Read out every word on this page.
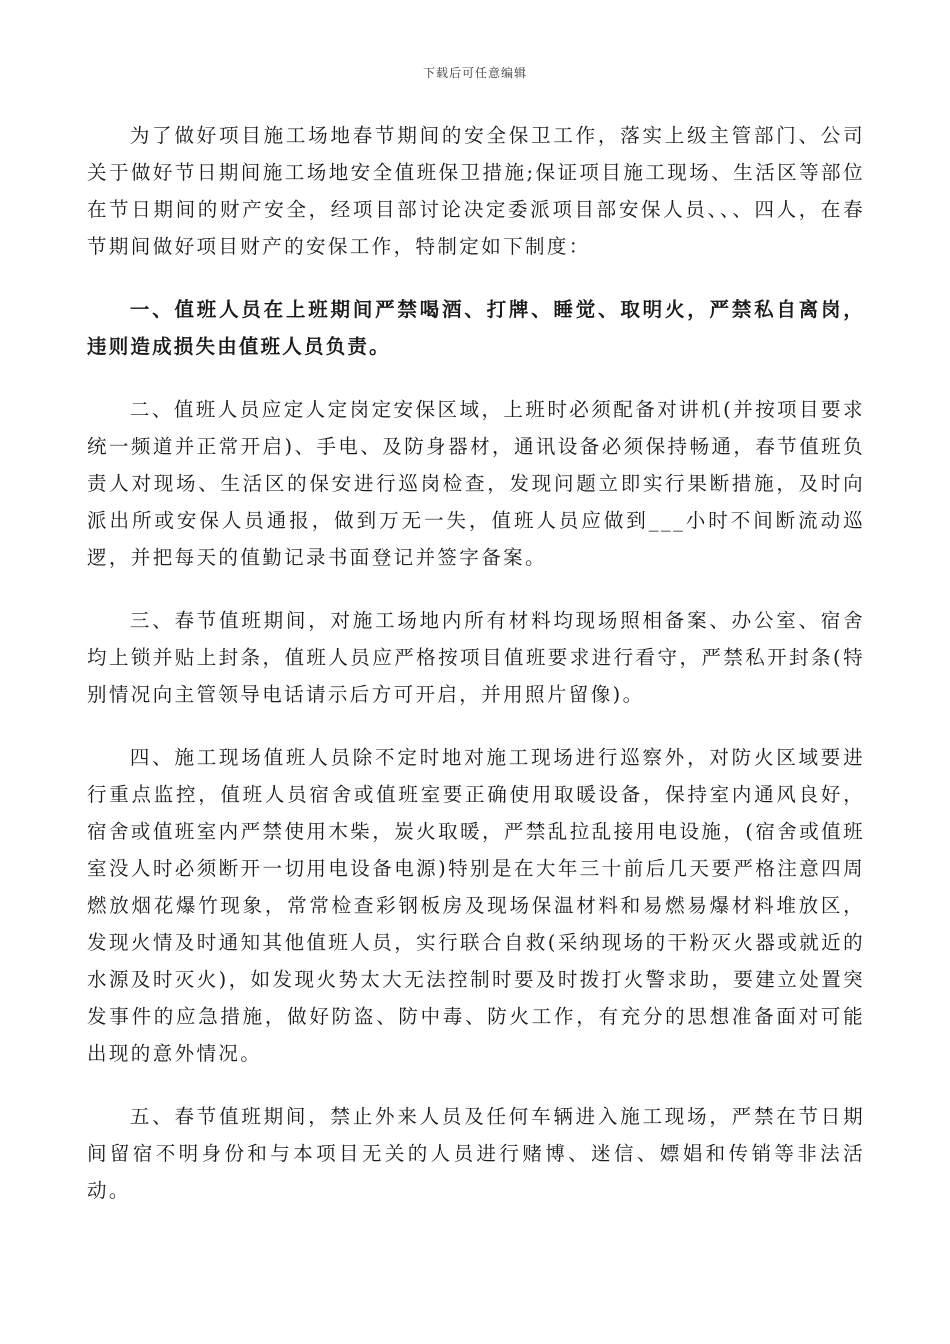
下载后可任意编辑

为了做好项目施工场地春节期间的安全保卫工作，落实上级主管部门、公司关于做好节日期间施工场地安全值班保卫措施;保证项目施工现场、生活区等部位在节日期间的财产安全，经项目部讨论决定委派项目部安保人员、、、四人，在春节期间做好项目财产的安保工作，特制定如下制度：

一、值班人员在上班期间严禁喝酒、打牌、睡觉、取明火，严禁私自离岗，违则造成损失由值班人员负责。

二、值班人员应定人定岗定安保区域，上班时必须配备对讲机(并按项目要求统一频道并正常开启)、手电、及防身器材，通讯设备必须保持畅通，春节值班负责人对现场、生活区的保安进行巡岗检查，发现问题立即实行果断措施，及时向派出所或安保人员通报，做到万无一失，值班人员应做到___小时不间断流动巡逻，并把每天的值勤记录书面登记并签字备案。

三、春节值班期间，对施工场地内所有材料均现场照相备案、办公室、宿舍均上锁并贴上封条，值班人员应严格按项目值班要求进行看守，严禁私开封条(特别情况向主管领导电话请示后方可开启，并用照片留像)。

四、施工现场值班人员除不定时地对施工现场进行巡察外，对防火区域要进行重点监控，值班人员宿舍或值班室要正确使用取暖设备，保持室内通风良好，宿舍或值班室内严禁使用木柴，炭火取暖，严禁乱拉乱接用电设施，(宿舍或值班室没人时必须断开一切用电设备电源)特别是在大年三十前后几天要严格注意四周燃放烟花爆竹现象，常常检查彩钢板房及现场保温材料和易燃易爆材料堆放区，发现火情及时通知其他值班人员，实行联合自救(采纳现场的干粉灭火器或就近的水源及时灭火)，如发现火势太大无法控制时要及时拨打火警求助，要建立处置突发事件的应急措施，做好防盗、防中毒、防火工作，有充分的思想准备面对可能出现的意外情况。

五、春节值班期间，禁止外来人员及任何车辆进入施工现场，严禁在节日期间留宿不明身份和与本项目无关的人员进行赌博、迷信、嫖娼和传销等非法活动。
